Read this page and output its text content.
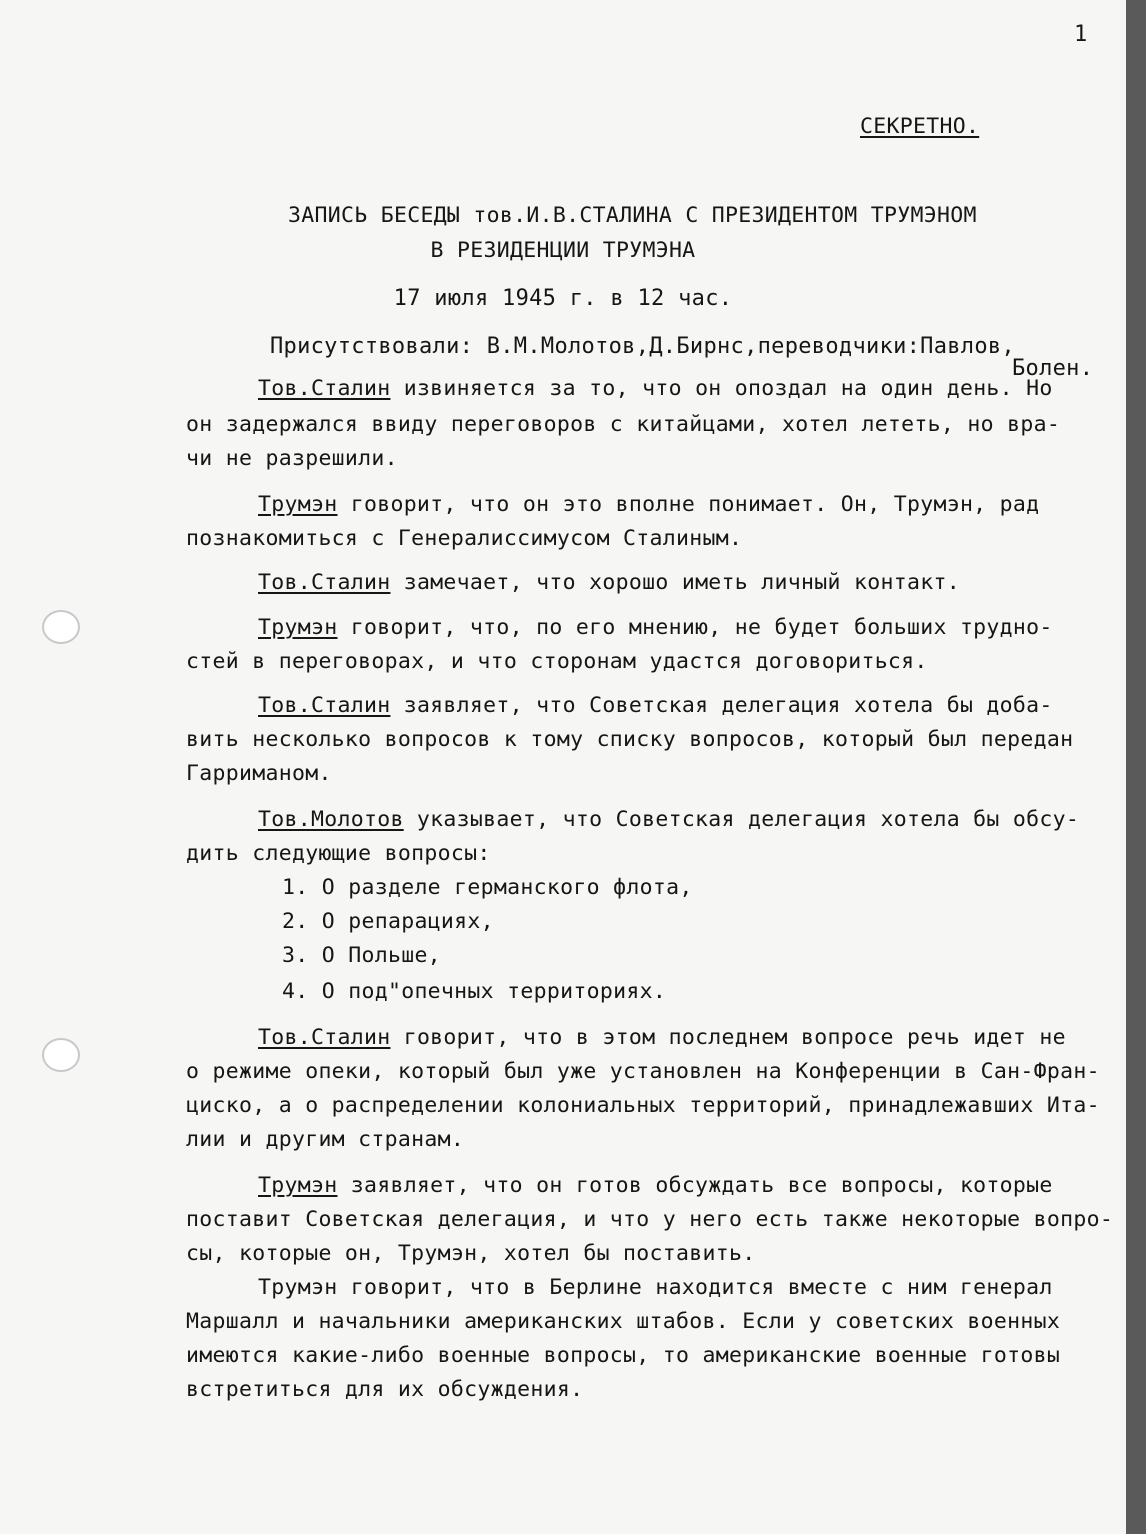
1
СЕКРЕТНО.
ЗАПИСЬ БЕСЕДЫ тов.И.В.СТАЛИНА С ПРЕЗИДЕНТОМ ТРУМЭНОМ
В РЕЗИДЕНЦИИ ТРУМЭНА
17 июля 1945 г. в 12 час.
Присутствовали: В.М.Молотов,Д.Бирнс,переводчики:Павлов,
Болен.
Тов.Сталин извиняется за то, что он опоздал на один день. Но
он задержался ввиду переговоров с китайцами, хотел лететь, но вра-
чи не разрешили.
Трумэн говорит, что он это вполне понимает. Он, Трумэн, рад
познакомиться с Генералиссимусом Сталиным.
Тов.Сталин замечает, что хорошо иметь личный контакт.
Трумэн говорит, что, по его мнению, не будет больших трудно-
стей в переговорах, и что сторонам удастся договориться.
Тов.Сталин заявляет, что Советская делегация хотела бы доба-
вить несколько вопросов к тому списку вопросов, который был передан
Гарриманом.
Тов.Молотов указывает, что Советская делегация хотела бы обсу-
дить следующие вопросы:
1. О разделе германского флота,
2. О репарациях,
3. О Польше,
4. О под"опечных территориях.
Тов.Сталин говорит, что в этом последнем вопросе речь идет не
о режиме опеки, который был уже установлен на Конференции в Сан-Фран-
циско, а о распределении колониальных территорий, принадлежавших Ита-
лии и другим странам.
Трумэн заявляет, что он готов обсуждать все вопросы, которые
поставит Советская делегация, и что у него есть также некоторые вопро-
сы, которые он, Трумэн, хотел бы поставить.
Трумэн говорит, что в Берлине находится вместе с ним генерал
Маршалл и начальники американских штабов. Если у советских военных
имеются какие-либо военные вопросы, то американские военные готовы
встретиться для их обсуждения.
